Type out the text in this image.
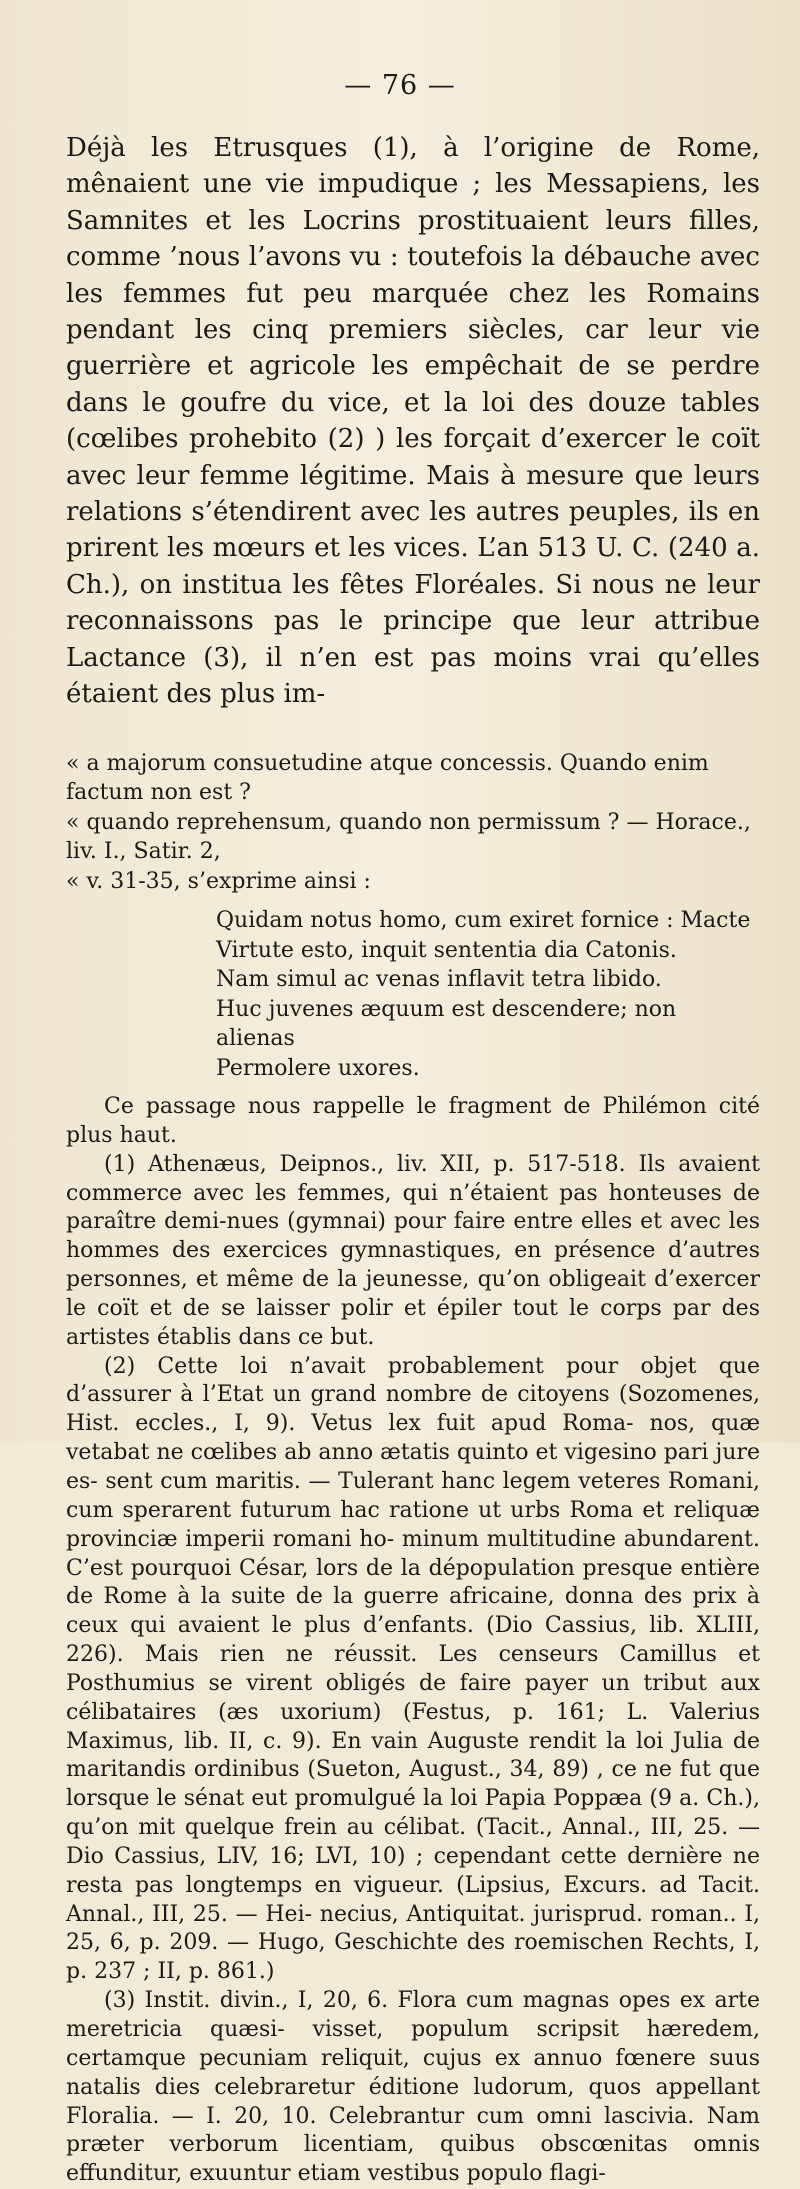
— 76 —

Déjà les Etrusques (1), à l’origine de Rome, mênaient une vie impudique ; les Messapiens, les Samnites et les Locrins prostituaient leurs filles, comme ’nous l’avons vu : toutefois la débauche avec les femmes fut peu marquée chez les Romains pendant les cinq premiers siècles, car leur vie guerrière et agricole les empêchait de se perdre dans le goufre du vice, et la loi des douze tables (cœlibes prohebito (2) ) les forçait d’exercer le coït avec leur femme légitime. Mais à mesure que leurs relations s’étendirent avec les autres peuples, ils en prirent les mœurs et les vices. L’an 513 U. C. (240 a. Ch.), on institua les fêtes Floréales. Si nous ne leur reconnaissons pas le principe que leur attribue Lactance (3), il n’en est pas moins vrai qu’elles étaient des plus im-

« a majorum consuetudine atque concessis. Quando enim factum non est ?

« quando reprehensum, quando non permissum ? — Horace., liv. I., Satir. 2,

« v. 31-35, s’exprime ainsi :

Quidam notus homo, cum exiret fornice : Macte

Virtute esto, inquit sententia dia Catonis.

Nam simul ac venas inflavit tetra libido.

Huc juvenes æquum est descendere; non alienas

Permolere uxores.

Ce passage nous rappelle le fragment de Philémon cité plus haut.

(1) Athenæus, Deipnos., liv. XII, p. 517-518. Ils avaient commerce avec les femmes, qui n’étaient pas honteuses de paraître demi-nues (gymnai) pour faire entre elles et avec les hommes des exercices gymnastiques, en présence d’autres personnes, et même de la jeunesse, qu’on obligeait d’exercer le coït et de se laisser polir et épiler tout le corps par des artistes établis dans ce but.

(2) Cette loi n’avait probablement pour objet que d’assurer à l’Etat un grand nombre de citoyens (Sozomenes, Hist. eccles., I, 9). Vetus lex fuit apud Roma- nos, quæ vetabat ne cœlibes ab anno ætatis quinto et vigesino pari jure es- sent cum maritis. — Tulerant hanc legem veteres Romani, cum sperarent futurum hac ratione ut urbs Roma et reliquæ provinciæ imperii romani ho- minum multitudine abundarent. C’est pourquoi César, lors de la dépopulation presque entière de Rome à la suite de la guerre africaine, donna des prix à ceux qui avaient le plus d’enfants. (Dio Cassius, lib. XLIII, 226). Mais rien ne réussit. Les censeurs Camillus et Posthumius se virent obligés de faire payer un tribut aux célibataires (æs uxorium) (Festus, p. 161; L. Valerius Maximus, lib. II, c. 9). En vain Auguste rendit la loi Julia de maritandis ordinibus (Sueton, August., 34, 89) , ce ne fut que lorsque le sénat eut promulgué la loi Papia Poppæa (9 a. Ch.), qu’on mit quelque frein au célibat. (Tacit., Annal., III, 25. — Dio Cassius, LIV, 16; LVI, 10) ; cependant cette dernière ne resta pas longtemps en vigueur. (Lipsius, Excurs. ad Tacit. Annal., III, 25. — Hei- necius, Antiquitat. jurisprud. roman.. I, 25, 6, p. 209. — Hugo, Geschichte des roemischen Rechts, I, p. 237 ; II, p. 861.)

(3) Instit. divin., I, 20, 6. Flora cum magnas opes ex arte meretricia quæsi- visset, populum scripsit hæredem, certamque pecuniam reliquit, cujus ex annuo fœnere suus natalis dies celebraretur éditione ludorum, quos appellant Floralia. — I. 20, 10. Celebrantur cum omni lascivia. Nam præter verborum licentiam, quibus obscœnitas omnis effunditur, exuuntur etiam vestibus populo flagi-
